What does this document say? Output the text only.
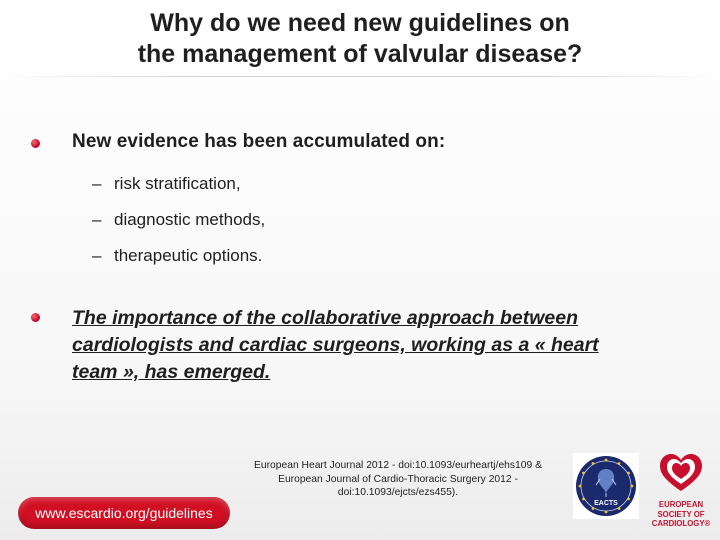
Why do we need new guidelines on
the management of valvular disease?
New evidence has been accumulated on:
– risk stratification,
– diagnostic methods,
– therapeutic options.
The importance of the collaborative approach between cardiologists and cardiac surgeons, working as a « heart team », has emerged.
www.escardio.org/guidelines
European Heart Journal 2012 - doi:10.1093/eurheartj/ehs109 &
European Journal of Cardio-Thoracic Surgery 2012 -
doi:10.1093/ejcts/ezs455).
EACTS	EUROPEAN
SOCIETY OF
CARDIOLOGY®
